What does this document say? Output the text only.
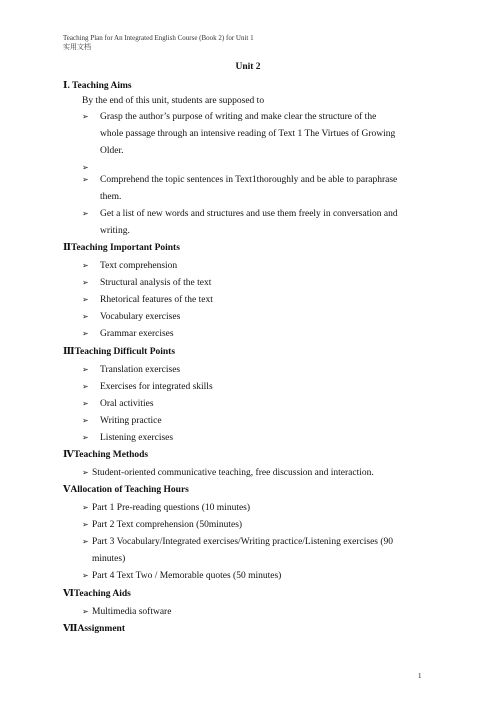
Teaching Plan for An Integrated English Course (Book 2) for Unit 1
实用文档
Unit 2
Ⅰ. Teaching Aims
By the end of this unit, students are supposed to
➢	Grasp the author’s purpose of writing and make clear the structure of the
whole passage through an intensive reading of Text 1 The Virtues of Growing
Older.
➢
➢	Comprehend the topic sentences in Text1thoroughly and be able to paraphrase
them.
➢	Get a list of new words and structures and use them freely in conversation and
writing.
ⅡTeaching Important Points
➢ Text comprehension
➢ Structural analysis of the text
➢ Rhetorical features of the text
➢ Vocabulary exercises
➢ Grammar exercises
ⅢTeaching Difficult Points
➢ Translation exercises
➢ Exercises for integrated skills
➢ Oral activities
➢ Writing practice
➢ Listening exercises
ⅣTeaching Methods
➢ Student-oriented communicative teaching, free discussion and interaction.
ⅤAllocation of Teaching Hours
➢ Part 1 Pre-reading questions (10 minutes)
➢ Part 2 Text comprehension (50minutes)
➢ Part 3 Vocabulary/Integrated exercises/Writing practice/Listening exercises (90
minutes)
➢ Part 4 Text Two / Memorable quotes (50 minutes)
ⅥTeaching Aids
➢ Multimedia software
ⅦAssignment
1
